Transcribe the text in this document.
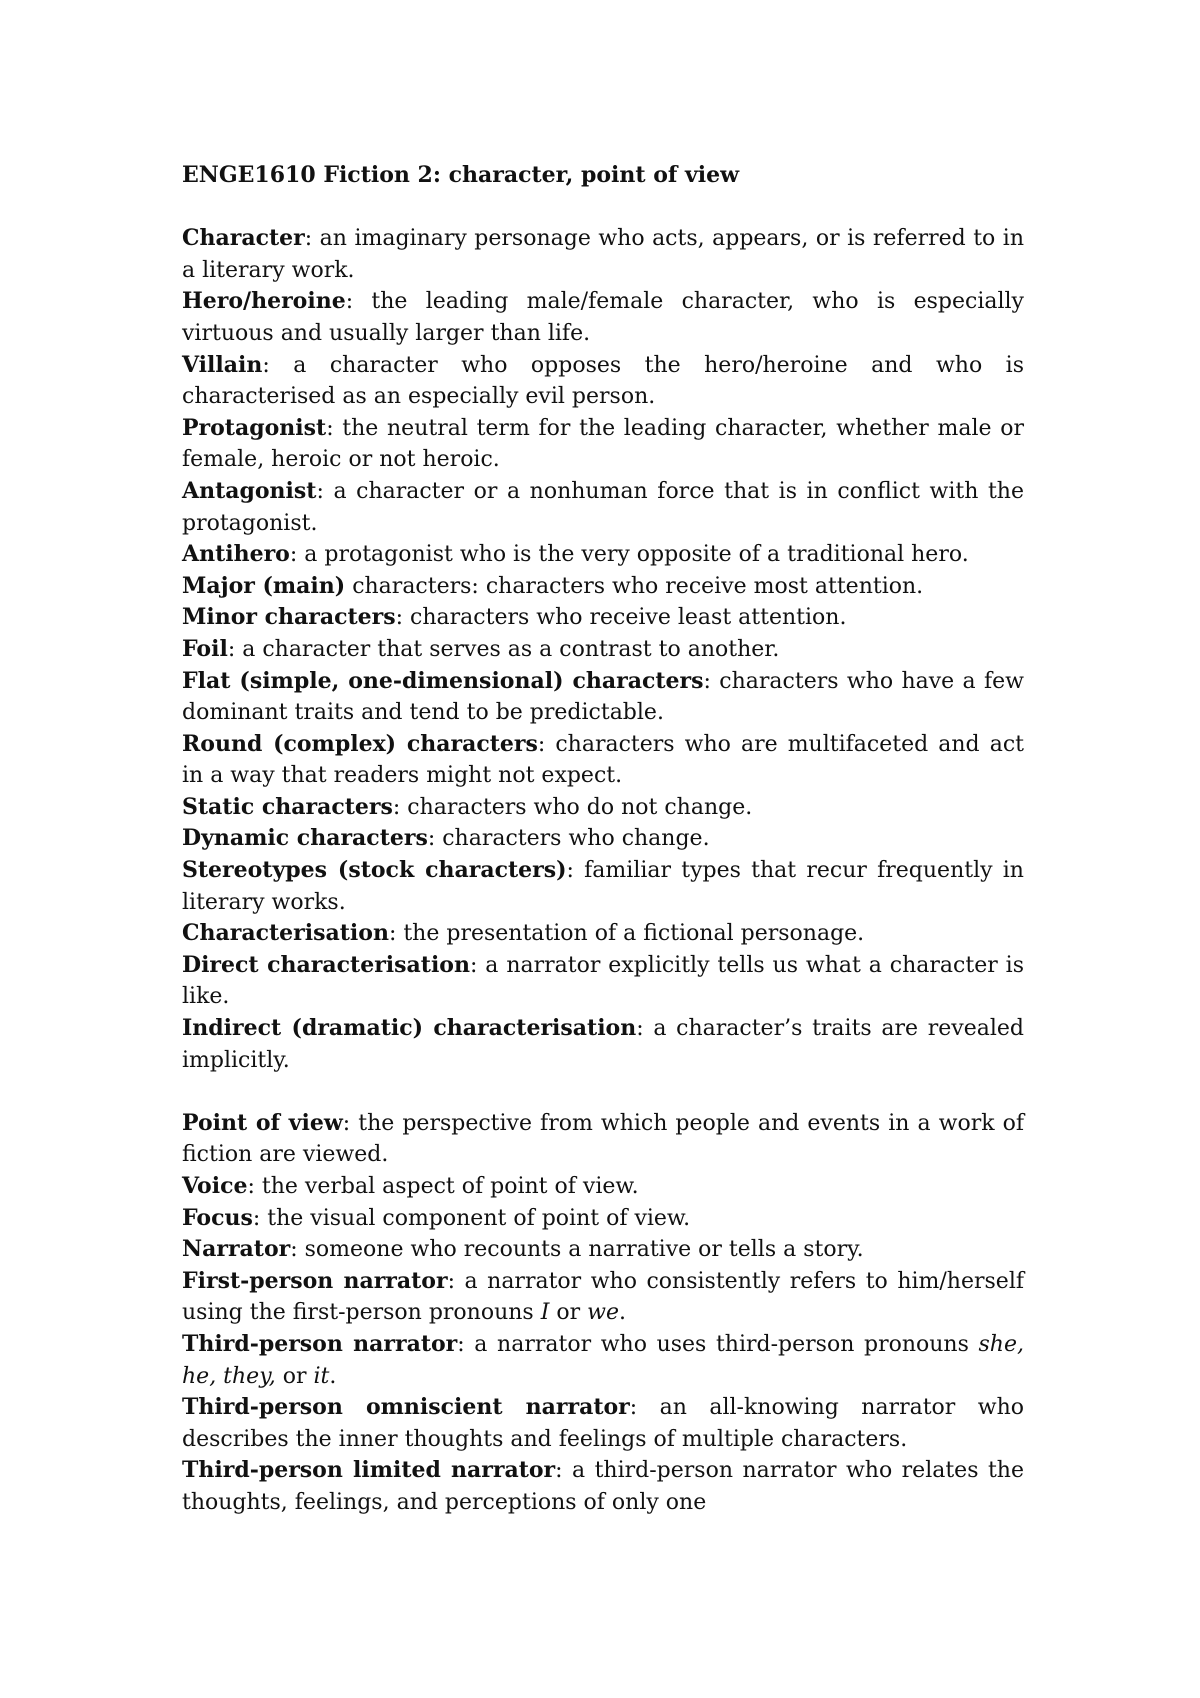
ENGE1610 Fiction 2: character, point of view

Character: an imaginary personage who acts, appears, or is referred to in a literary work.

Hero/heroine: the leading male/female character, who is especially virtuous and usually larger than life.

Villain: a character who opposes the hero/heroine and who is characterised as an especially evil person.

Protagonist: the neutral term for the leading character, whether male or female, heroic or not heroic.

Antagonist: a character or a nonhuman force that is in conflict with the protagonist.

Antihero: a protagonist who is the very opposite of a traditional hero.

Major (main) characters: characters who receive most attention.

Minor characters: characters who receive least attention.

Foil: a character that serves as a contrast to another.

Flat (simple, one-dimensional) characters: characters who have a few dominant traits and tend to be predictable.

Round (complex) characters: characters who are multifaceted and act in a way that readers might not expect.

Static characters: characters who do not change.

Dynamic characters: characters who change.

Stereotypes (stock characters): familiar types that recur frequently in literary works.

Characterisation: the presentation of a fictional personage.

Direct characterisation: a narrator explicitly tells us what a character is like.

Indirect (dramatic) characterisation: a character’s traits are revealed implicitly.

Point of view: the perspective from which people and events in a work of fiction are viewed.

Voice: the verbal aspect of point of view.

Focus: the visual component of point of view.

Narrator: someone who recounts a narrative or tells a story.

First-person narrator: a narrator who consistently refers to him/herself using the first-person pronouns I or we.

Third-person narrator: a narrator who uses third-person pronouns she, he, they, or it.

Third-person omniscient narrator: an all-knowing narrator who describes the inner thoughts and feelings of multiple characters.

Third-person limited narrator: a third-person narrator who relates the thoughts, feelings, and perceptions of only one
